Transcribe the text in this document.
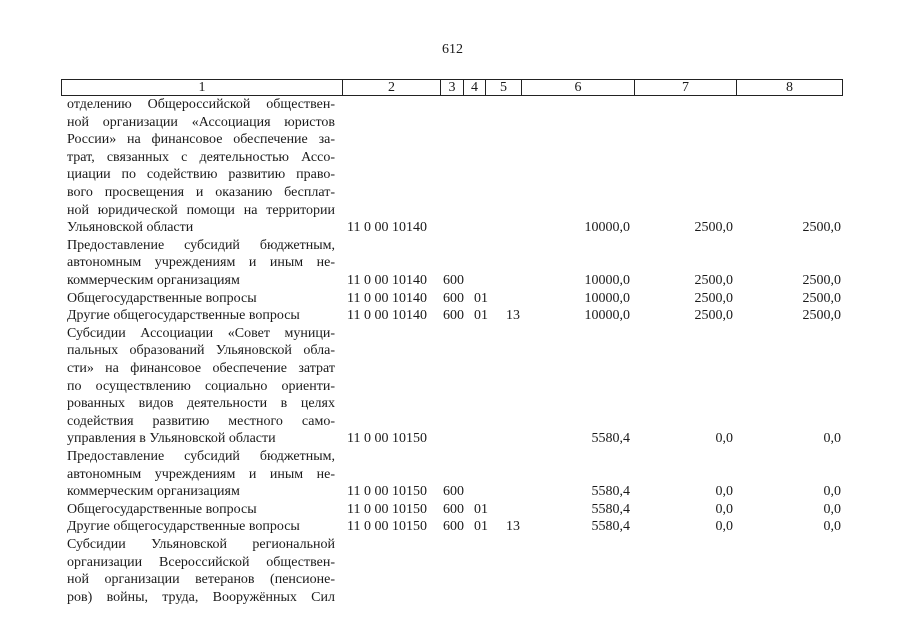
612
1	2	3	4	5	6	7	8
отделению Общероссийской обществен-
ной организации «Ассоциация юристов
России» на финансовое обеспечение за-
трат, связанных с деятельностью Ассо-
циации по содействию развитию право-
вого просвещения и оказанию бесплат-
ной юридической помощи на территории
Ульяновской области	11 0 00 10140	10000,0	2500,0	2500,0
Предоставление субсидий бюджетным,
автономным учреждениям и иным не-
коммерческим организациям	11 0 00 10140 600	10000,0	2500,0	2500,0
Общегосударственные вопросы	11 0 00 10140 600 01	10000,0	2500,0	2500,0
Другие общегосударственные вопросы	11 0 00 10140 600 01 13	10000,0	2500,0	2500,0
Субсидии Ассоциации «Совет муници-
пальных образований Ульяновской обла-
сти» на финансовое обеспечение затрат
по осуществлению социально ориенти-
рованных видов деятельности в целях
содействия развитию местного само-
управления в Ульяновской области	11 0 00 10150	5580,4	0,0	0,0
Предоставление субсидий бюджетным,
автономным учреждениям и иным не-
коммерческим организациям	11 0 00 10150 600	5580,4	0,0	0,0
Общегосударственные вопросы	11 0 00 10150 600 01	5580,4	0,0	0,0
Другие общегосударственные вопросы	11 0 00 10150 600 01 13	5580,4	0,0	0,0
Субсидии Ульяновской региональной
организации Всероссийской обществен-
ной организации ветеранов (пенсионе-
ров) войны, труда, Вооружённых Сил
